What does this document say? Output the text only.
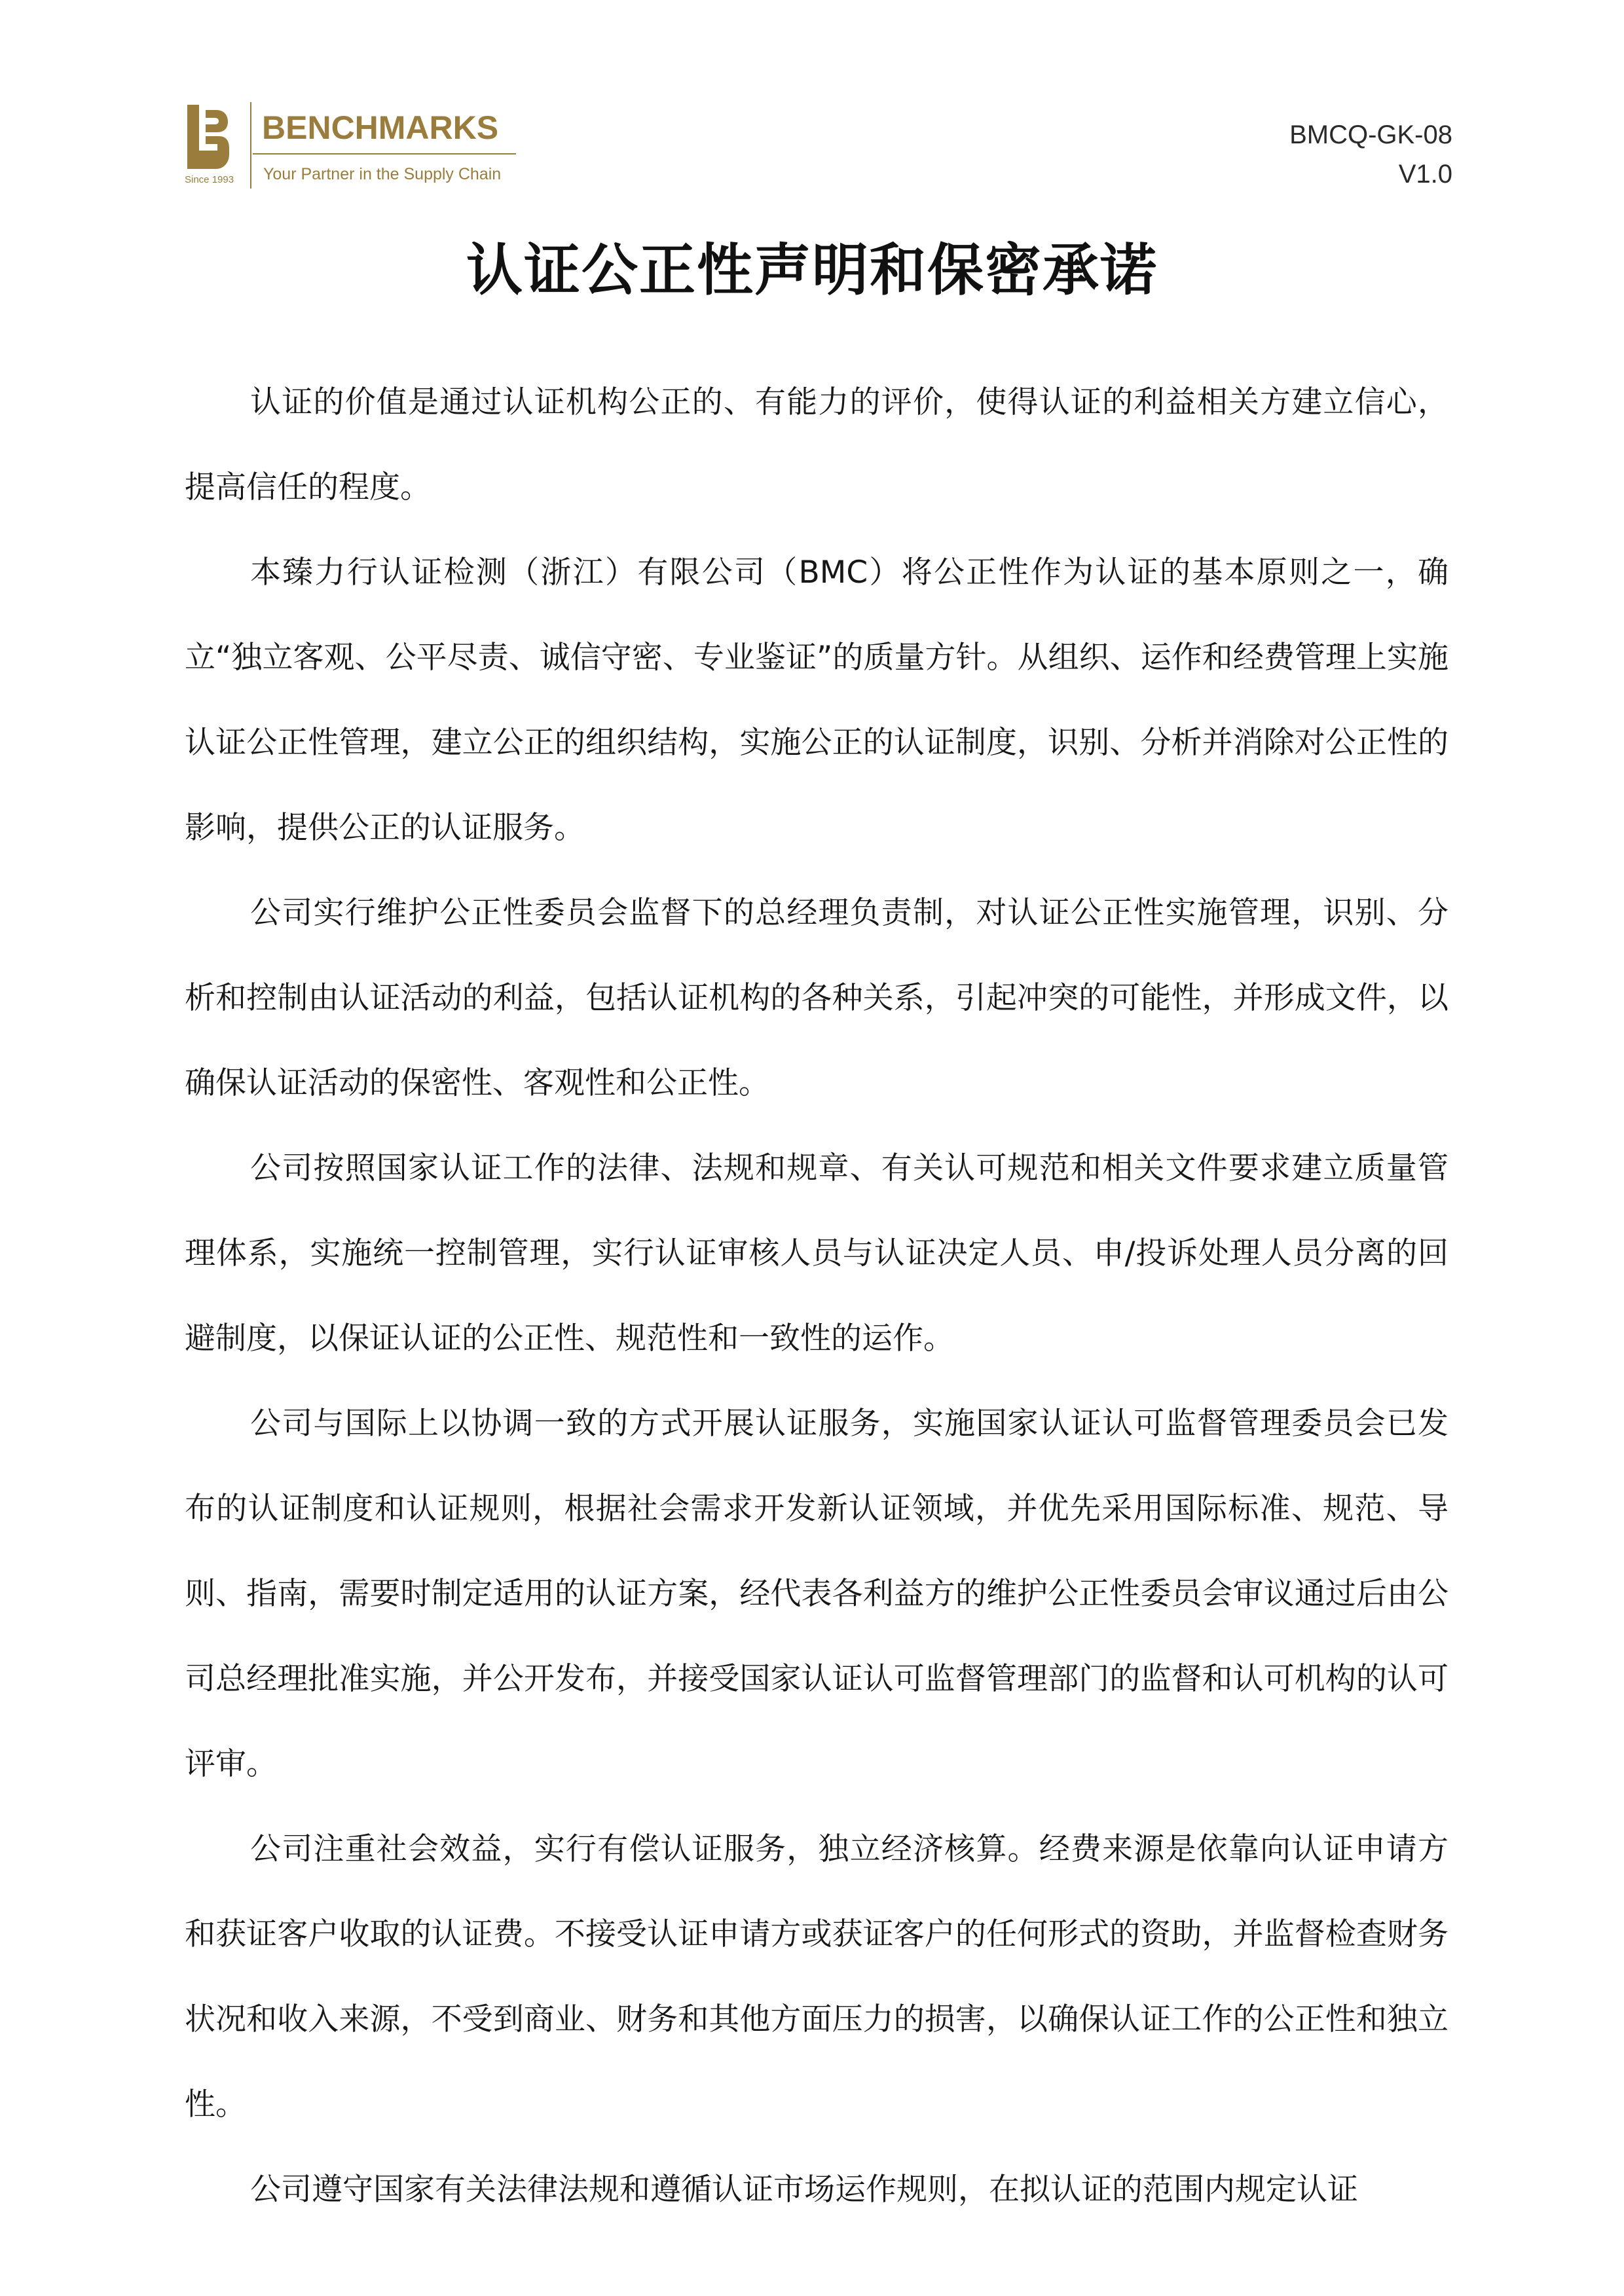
Since 1993
BENCHMARKS
Your Partner in the Supply Chain
BMCQ-GK-08
V1.0
认证公正性声明和保密承诺

认证的价值是通过认证机构公正的、有能力的评价，使得认证的利益相关方建立信心，提高信任的程度。

本臻力行认证检测（浙江）有限公司（BMC）将公正性作为认证的基本原则之一，确立“独立客观、公平尽责、诚信守密、专业鉴证”的质量方针。从组织、运作和经费管理上实施认证公正性管理，建立公正的组织结构，实施公正的认证制度，识别、分析并消除对公正性的影响，提供公正的认证服务。

公司实行维护公正性委员会监督下的总经理负责制，对认证公正性实施管理，识别、分析和控制由认证活动的利益，包括认证机构的各种关系，引起冲突的可能性，并形成文件，以确保认证活动的保密性、客观性和公正性。

公司按照国家认证工作的法律、法规和规章、有关认可规范和相关文件要求建立质量管理体系，实施统一控制管理，实行认证审核人员与认证决定人员、申/投诉处理人员分离的回避制度，以保证认证的公正性、规范性和一致性的运作。

公司与国际上以协调一致的方式开展认证服务，实施国家认证认可监督管理委员会已发布的认证制度和认证规则，根据社会需求开发新认证领域，并优先采用国际标准、规范、导则、指南，需要时制定适用的认证方案，经代表各利益方的维护公正性委员会审议通过后由公司总经理批准实施，并公开发布，并接受国家认证认可监督管理部门的监督和认可机构的认可评审。

公司注重社会效益，实行有偿认证服务，独立经济核算。经费来源是依靠向认证申请方和获证客户收取的认证费。不接受认证申请方或获证客户的任何形式的资助，并监督检查财务状况和收入来源，不受到商业、财务和其他方面压力的损害，以确保认证工作的公正性和独立性。

公司遵守国家有关法律法规和遵循认证市场运作规则，在拟认证的范围内规定认证
